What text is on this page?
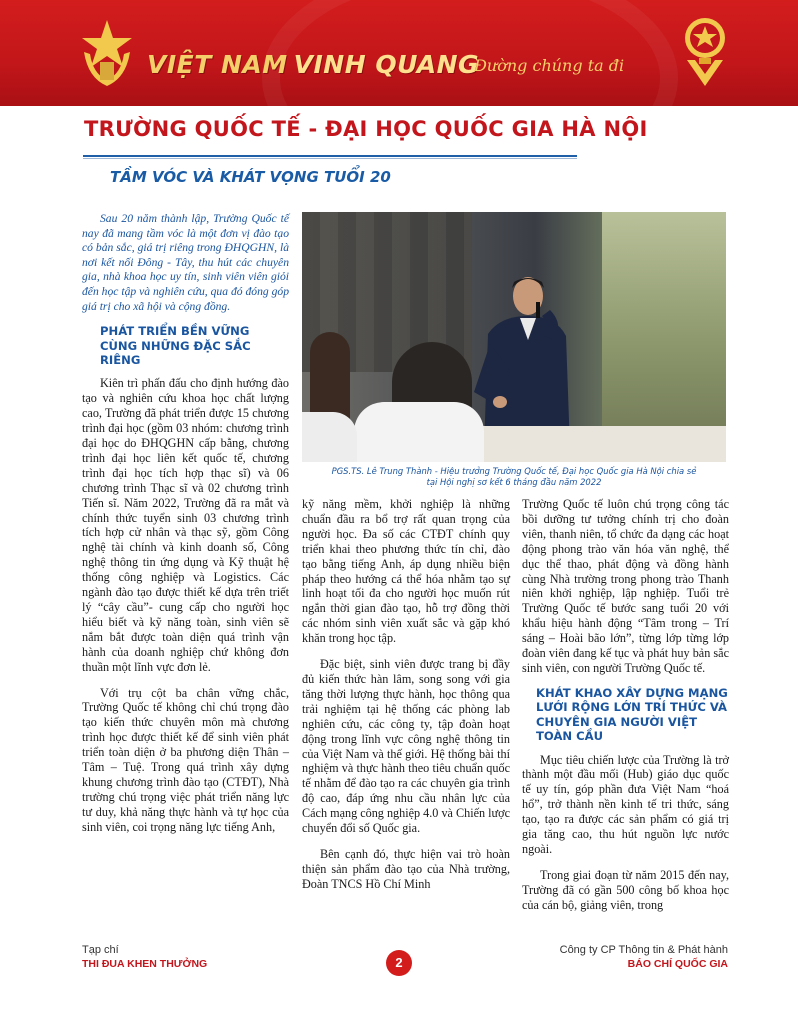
VIỆT NAM VINH QUANG
Đường chúng ta đi
TRƯỜNG QUỐC TẾ - ĐẠI HỌC QUỐC GIA HÀ NỘI
TẦM VÓC VÀ KHÁT VỌNG TUỔI 20

Sau 20 năm thành lập, Trường Quốc tế nay đã mang tầm vóc là một đơn vị đào tạo có bản sắc, giá trị riêng trong ĐHQGHN, là nơi kết nối Đông - Tây, thu hút các chuyên gia, nhà khoa học uy tín, sinh viên viên giỏi đến học tập và nghiên cứu, qua đó đóng góp giá trị cho xã hội và cộng đồng.

PHÁT TRIỂN BỀN VỮNG CÙNG NHỮNG ĐẶC SẮC RIÊNG

Kiên trì phấn đấu cho định hướng đào tạo và nghiên cứu khoa học chất lượng cao, Trường đã phát triển được 15 chương trình đại học (gồm 03 nhóm: chương trình đại học do ĐHQGHN cấp bằng, chương trình đại học liên kết quốc tế, chương trình đại học tích hợp thạc sĩ) và 06 chương trình Thạc sĩ và 02 chương trình Tiến sĩ. Năm 2022, Trường đã ra mắt và chính thức tuyển sinh 03 chương trình tích hợp cử nhân và thạc sỹ, gồm Công nghệ tài chính và kinh doanh số, Công nghệ thông tin ứng dụng và Kỹ thuật hệ thống công nghiệp và Logistics. Các ngành đào tạo được thiết kế dựa trên triết lý “cây cầu”- cung cấp cho người học hiểu biết và kỹ năng toàn, sinh viên sẽ nắm bắt được toàn diện quá trình vận hành của doanh nghiệp chứ không đơn thuần một lĩnh vực đơn lẻ.

Với trụ cột ba chân vững chắc, Trường Quốc tế không chỉ chú trọng đào tạo kiến thức chuyên môn mà chương trình học được thiết kế để sinh viên phát triển toàn diện ở ba phương diện Thân – Tâm – Tuệ. Trong quá trình xây dựng khung chương trình đào tạo (CTĐT), Nhà trường chú trọng việc phát triển năng lực tư duy, khả năng thực hành và tự học của sinh viên, coi trọng năng lực tiếng Anh,

PGS.TS. Lê Trung Thành - Hiệu trưởng Trường Quốc tế, Đại học Quốc gia Hà Nội chia sẻ
tại Hội nghị sơ kết 6 tháng đầu năm 2022

kỹ năng mềm, khởi nghiệp là những chuẩn đầu ra bổ trợ rất quan trọng của người học. Đa số các CTĐT chính quy triển khai theo phương thức tín chỉ, đào tạo bằng tiếng Anh, áp dụng nhiều biện pháp theo hướng cá thể hóa nhằm tạo sự linh hoạt tối đa cho người học muốn rút ngắn thời gian đào tạo, hỗ trợ đồng thời các nhóm sinh viên xuất sắc và gặp khó khăn trong học tập.

Đặc biệt, sinh viên được trang bị đầy đủ kiến thức hàn lâm, song song với gia tăng thời lượng thực hành, học thông qua trải nghiệm tại hệ thống các phòng lab nghiên cứu, các công ty, tập đoàn hoạt động trong lĩnh vực công nghệ thông tin của Việt Nam và thế giới. Hệ thống bài thí nghiệm và thực hành theo tiêu chuẩn quốc tế nhằm để đào tạo ra các chuyên gia trình độ cao, đáp ứng nhu cầu nhân lực của Cách mạng công nghiệp 4.0 và Chiến lược chuyển đổi số Quốc gia.

Bên cạnh đó, thực hiện vai trò hoàn thiện sản phẩm đào tạo của Nhà trường, Đoàn TNCS Hồ Chí Minh

Trường Quốc tế luôn chú trọng công tác bồi dưỡng tư tưởng chính trị cho đoàn viên, thanh niên, tổ chức đa dạng các hoạt động phong trào văn hóa văn nghệ, thể dục thể thao, phát động và đồng hành cùng Nhà trường trong phong trào Thanh niên khởi nghiệp, lập nghiệp. Tuổi trẻ Trường Quốc tế bước sang tuổi 20 với khẩu hiệu hành động “Tâm trong – Trí sáng – Hoài bão lớn”, từng lớp từng lớp đoàn viên đang kế tục và phát huy bản sắc sinh viên, con người Trường Quốc tế.

KHÁT KHAO XÂY DỰNG MẠNG LƯỚI RỘNG LỚN TRÍ THỨC VÀ CHUYÊN GIA NGƯỜI VIỆT TOÀN CẦU

Mục tiêu chiến lược của Trường là trở thành một đầu mối (Hub) giáo dục quốc tế uy tín, góp phần đưa Việt Nam “hoá hổ”, trở thành nền kinh tế tri thức, sáng tạo, tạo ra được các sản phẩm có giá trị gia tăng cao, thu hút nguồn lực nước ngoài.

Trong giai đoạn từ năm 2015 đến nay, Trường đã có gần 500 công bố khoa học của cán bộ, giảng viên, trong

Tạp chí
THI ĐUA KHEN THƯỞNG	2
Công ty CP Thông tin & Phát hành
BÁO CHÍ QUỐC GIA
